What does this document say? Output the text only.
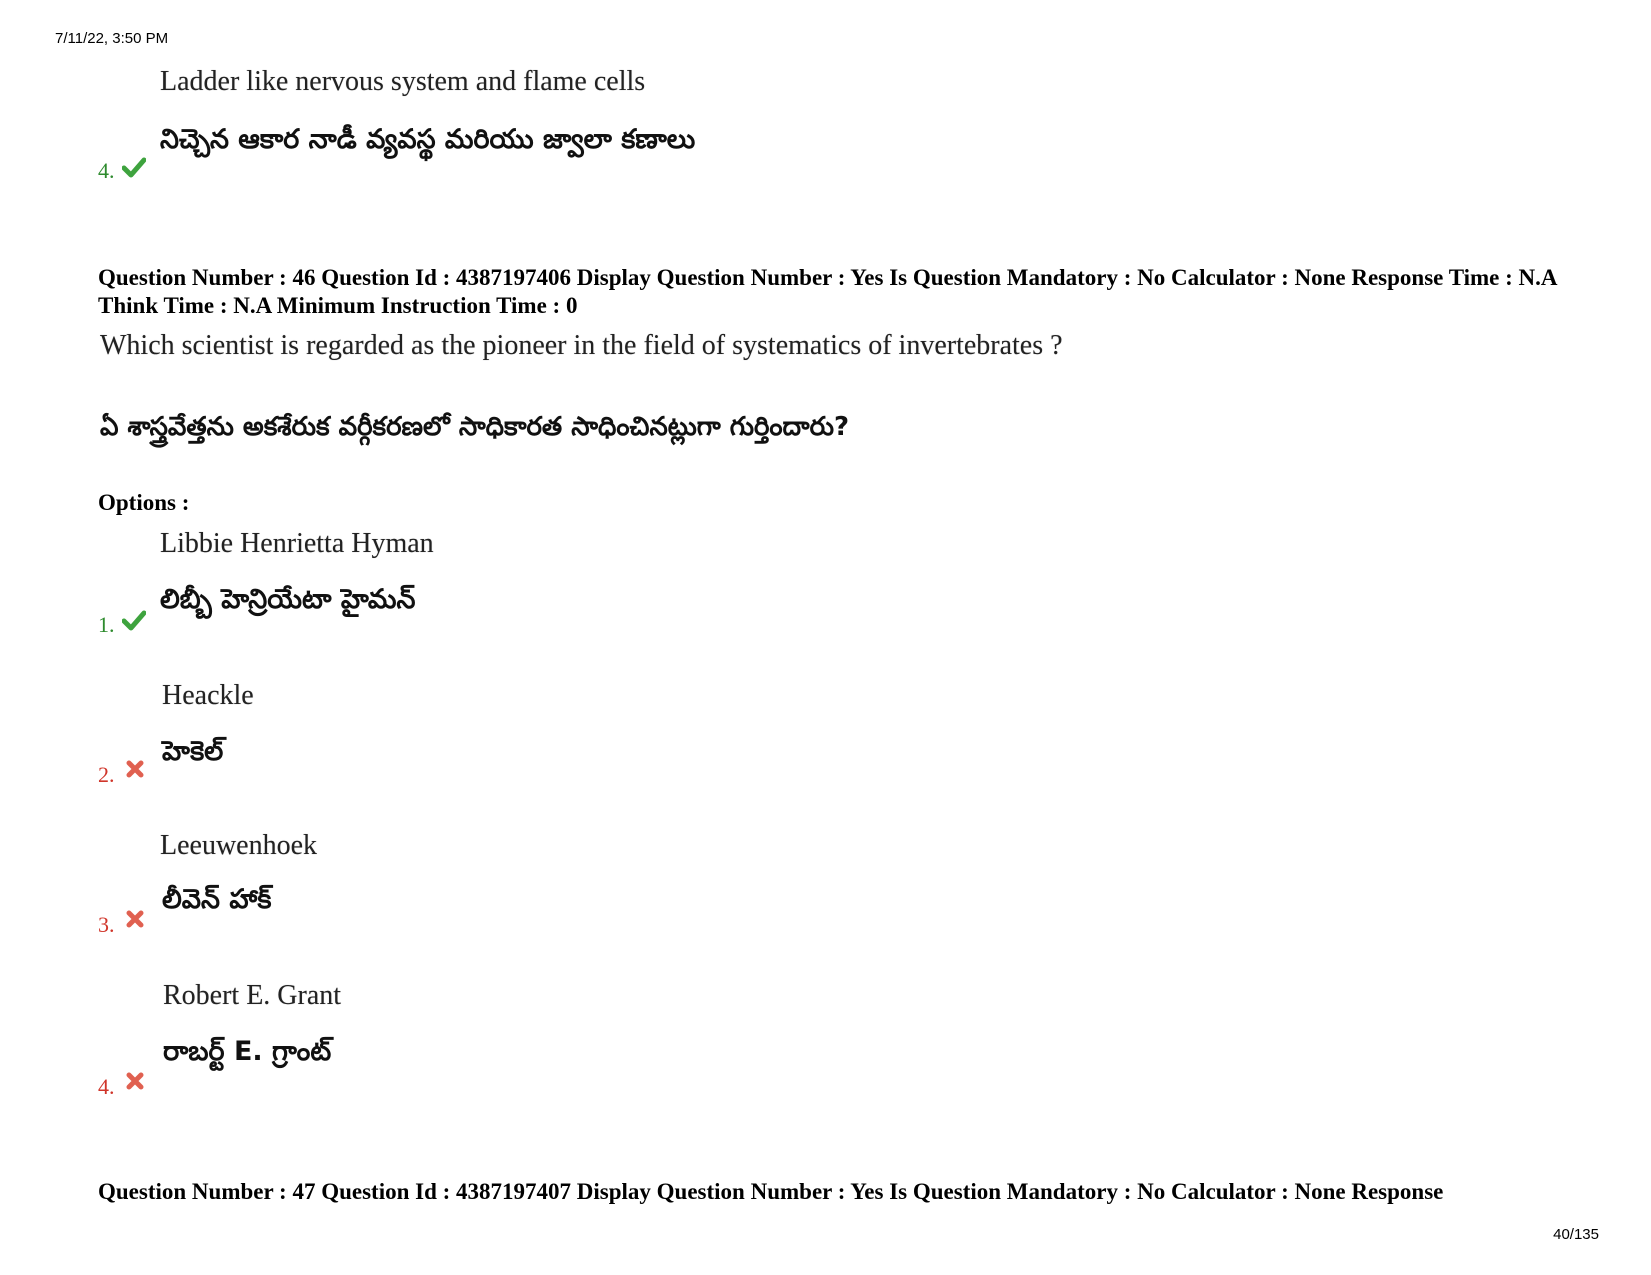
7/11/22, 3:50 PM
40/135
Ladder like nervous system and flame cells
నిచ్చెన ఆకార నాడీ వ్యవస్థ మరియు జ్వాలా కణాలు
4.
Question Number : 46 Question Id : 4387197406 Display Question Number : Yes Is Question Mandatory : No Calculator : None Response Time : N.A Think Time : N.A Minimum Instruction Time : 0
Which scientist is regarded as the pioneer in the field of systematics of invertebrates ?
ఏ శాస్త్రవేత్తను అకశేరుక వర్గీకరణలో సాధికారత సాధించినట్లుగా గుర్తిందారు?
Options :
Libbie Henrietta Hyman
లిబ్బీ హెన్రియేటా హైమన్
1.
Heackle
హెకెల్
2.
Leeuwenhoek
లీవెన్ హాక్
3.
Robert E. Grant
రాబర్ట్ E. గ్రాంట్
4.
Question Number : 47 Question Id : 4387197407 Display Question Number : Yes Is Question Mandatory : No Calculator : None Response
